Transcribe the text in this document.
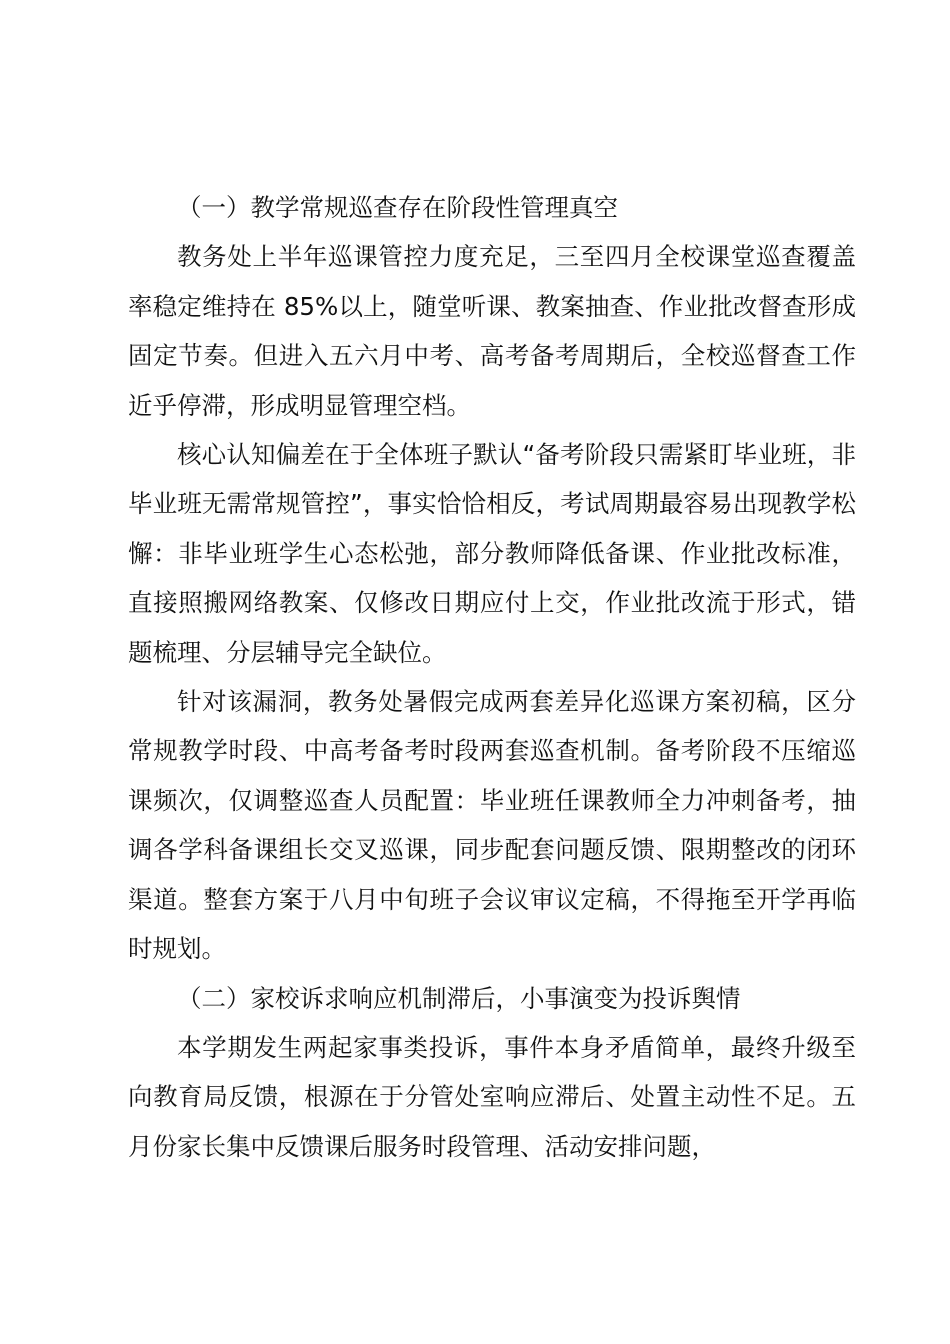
（一）教学常规巡查存在阶段性管理真空

教务处上半年巡课管控力度充足，三至四月全校课堂巡查覆盖率稳定维持在 85%以上，随堂听课、教案抽查、作业批改督查形成固定节奏。但进入五六月中考、高考备考周期后，全校巡督查工作近乎停滞，形成明显管理空档。

核心认知偏差在于全体班子默认“备考阶段只需紧盯毕业班，非毕业班无需常规管控”，事实恰恰相反，考试周期最容易出现教学松懈：非毕业班学生心态松弛，部分教师降低备课、作业批改标准，直接照搬网络教案、仅修改日期应付上交，作业批改流于形式，错题梳理、分层辅导完全缺位。

针对该漏洞，教务处暑假完成两套差异化巡课方案初稿，区分常规教学时段、中高考备考时段两套巡查机制。备考阶段不压缩巡课频次，仅调整巡查人员配置：毕业班任课教师全力冲刺备考，抽调各学科备课组长交叉巡课，同步配套问题反馈、限期整改的闭环渠道。整套方案于八月中旬班子会议审议定稿，不得拖至开学再临时规划。

（二）家校诉求响应机制滞后，小事演变为投诉舆情

本学期发生两起家事类投诉，事件本身矛盾简单，最终升级至向教育局反馈，根源在于分管处室响应滞后、处置主动性不足。五月份家长集中反馈课后服务时段管理、活动安排问题，
